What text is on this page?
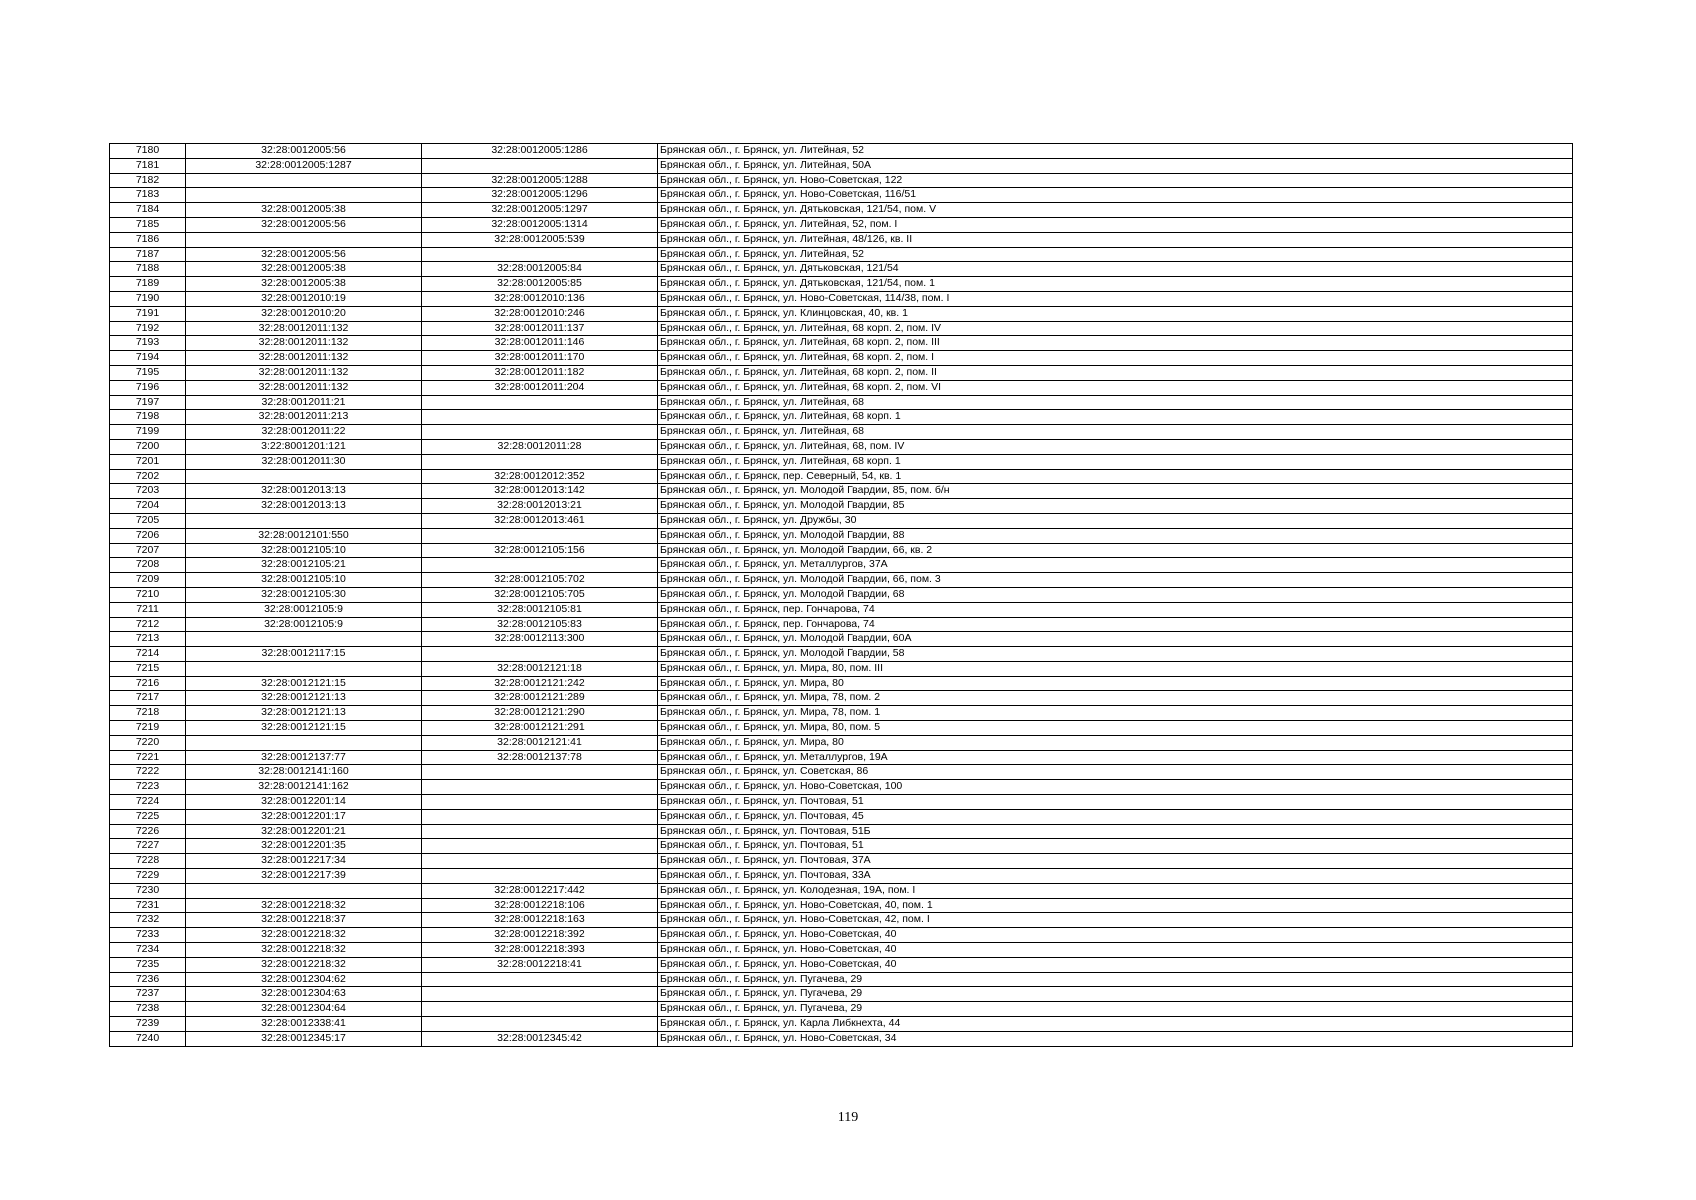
7180	32:28:0012005:56	32:28:0012005:1286	Брянская обл., г. Брянск, ул. Литейная, 52
7181	32:28:0012005:1287		Брянская обл., г. Брянск, ул. Литейная, 50А
7182		32:28:0012005:1288	Брянская обл., г. Брянск, ул. Ново-Советская, 122
7183		32:28:0012005:1296	Брянская обл., г. Брянск, ул. Ново-Советская, 116/51
7184	32:28:0012005:38	32:28:0012005:1297	Брянская обл., г. Брянск, ул. Дятьковская, 121/54, пом. V
7185	32:28:0012005:56	32:28:0012005:1314	Брянская обл., г. Брянск, ул. Литейная, 52, пом. I
7186		32:28:0012005:539	Брянская обл., г. Брянск, ул. Литейная, 48/126, кв. II
7187	32:28:0012005:56		Брянская обл., г. Брянск, ул. Литейная, 52
7188	32:28:0012005:38	32:28:0012005:84	Брянская обл., г. Брянск, ул. Дятьковская, 121/54
7189	32:28:0012005:38	32:28:0012005:85	Брянская обл., г. Брянск, ул. Дятьковская, 121/54, пом. 1
7190	32:28:0012010:19	32:28:0012010:136	Брянская обл., г. Брянск, ул. Ново-Советская, 114/38, пом. I
7191	32:28:0012010:20	32:28:0012010:246	Брянская обл., г. Брянск, ул. Клинцовская, 40, кв. 1
7192	32:28:0012011:132	32:28:0012011:137	Брянская обл., г. Брянск, ул. Литейная, 68 корп. 2, пом. IV
7193	32:28:0012011:132	32:28:0012011:146	Брянская обл., г. Брянск, ул. Литейная, 68 корп. 2, пом. III
7194	32:28:0012011:132	32:28:0012011:170	Брянская обл., г. Брянск, ул. Литейная, 68 корп. 2, пом. I
7195	32:28:0012011:132	32:28:0012011:182	Брянская обл., г. Брянск, ул. Литейная, 68 корп. 2, пом. II
7196	32:28:0012011:132	32:28:0012011:204	Брянская обл., г. Брянск, ул. Литейная, 68 корп. 2, пом. VI
7197	32:28:0012011:21		Брянская обл., г. Брянск, ул. Литейная, 68
7198	32:28:0012011:213		Брянская обл., г. Брянск, ул. Литейная, 68 корп. 1
7199	32:28:0012011:22		Брянская обл., г. Брянск, ул. Литейная, 68
7200	3:22:8001201:121	32:28:0012011:28	Брянская обл., г. Брянск, ул. Литейная, 68, пом. IV
7201	32:28:0012011:30		Брянская обл., г. Брянск, ул. Литейная, 68 корп. 1
7202		32:28:0012012:352	Брянская обл., г. Брянск, пер. Северный, 54, кв. 1
7203	32:28:0012013:13	32:28:0012013:142	Брянская обл., г. Брянск, ул. Молодой Гвардии, 85, пом. б/н
7204	32:28:0012013:13	32:28:0012013:21	Брянская обл., г. Брянск, ул. Молодой Гвардии, 85
7205		32:28:0012013:461	Брянская обл., г. Брянск, ул. Дружбы, 30
7206	32:28:0012101:550		Брянская обл., г. Брянск, ул. Молодой Гвардии, 88
7207	32:28:0012105:10	32:28:0012105:156	Брянская обл., г. Брянск, ул. Молодой Гвардии, 66, кв. 2
7208	32:28:0012105:21		Брянская обл., г. Брянск, ул. Металлургов, 37А
7209	32:28:0012105:10	32:28:0012105:702	Брянская обл., г. Брянск, ул. Молодой Гвардии, 66, пом. 3
7210	32:28:0012105:30	32:28:0012105:705	Брянская обл., г. Брянск, ул. Молодой Гвардии, 68
7211	32:28:0012105:9	32:28:0012105:81	Брянская обл., г. Брянск, пер. Гончарова, 74
7212	32:28:0012105:9	32:28:0012105:83	Брянская обл., г. Брянск, пер. Гончарова, 74
7213		32:28:0012113:300	Брянская обл., г. Брянск, ул. Молодой Гвардии, 60А
7214	32:28:0012117:15		Брянская обл., г. Брянск, ул. Молодой Гвардии, 58
7215		32:28:0012121:18	Брянская обл., г. Брянск, ул. Мира, 80, пом. III
7216	32:28:0012121:15	32:28:0012121:242	Брянская обл., г. Брянск, ул. Мира, 80
7217	32:28:0012121:13	32:28:0012121:289	Брянская обл., г. Брянск, ул. Мира, 78, пом. 2
7218	32:28:0012121:13	32:28:0012121:290	Брянская обл., г. Брянск, ул. Мира, 78, пом. 1
7219	32:28:0012121:15	32:28:0012121:291	Брянская обл., г. Брянск, ул. Мира, 80, пом. 5
7220		32:28:0012121:41	Брянская обл., г. Брянск, ул. Мира, 80
7221	32:28:0012137:77	32:28:0012137:78	Брянская обл., г. Брянск, ул. Металлургов, 19А
7222	32:28:0012141:160		Брянская обл., г. Брянск, ул. Советская, 86
7223	32:28:0012141:162		Брянская обл., г. Брянск, ул. Ново-Советская, 100
7224	32:28:0012201:14		Брянская обл., г. Брянск, ул. Почтовая, 51
7225	32:28:0012201:17		Брянская обл., г. Брянск, ул. Почтовая, 45
7226	32:28:0012201:21		Брянская обл., г. Брянск, ул. Почтовая, 51Б
7227	32:28:0012201:35		Брянская обл., г. Брянск, ул. Почтовая, 51
7228	32:28:0012217:34		Брянская обл., г. Брянск, ул. Почтовая, 37А
7229	32:28:0012217:39		Брянская обл., г. Брянск, ул. Почтовая, 33А
7230		32:28:0012217:442	Брянская обл., г. Брянск, ул. Колодезная, 19А, пом. I
7231	32:28:0012218:32	32:28:0012218:106	Брянская обл., г. Брянск, ул. Ново-Советская, 40, пом. 1
7232	32:28:0012218:37	32:28:0012218:163	Брянская обл., г. Брянск, ул. Ново-Советская, 42, пом. I
7233	32:28:0012218:32	32:28:0012218:392	Брянская обл., г. Брянск, ул. Ново-Советская, 40
7234	32:28:0012218:32	32:28:0012218:393	Брянская обл., г. Брянск, ул. Ново-Советская, 40
7235	32:28:0012218:32	32:28:0012218:41	Брянская обл., г. Брянск, ул. Ново-Советская, 40
7236	32:28:0012304:62		Брянская обл., г. Брянск, ул. Пугачева, 29
7237	32:28:0012304:63		Брянская обл., г. Брянск, ул. Пугачева, 29
7238	32:28:0012304:64		Брянская обл., г. Брянск, ул. Пугачева, 29
7239	32:28:0012338:41		Брянская обл., г. Брянск, ул. Карла Либкнехта, 44
7240	32:28:0012345:17	32:28:0012345:42	Брянская обл., г. Брянск, ул. Ново-Советская, 34
119
